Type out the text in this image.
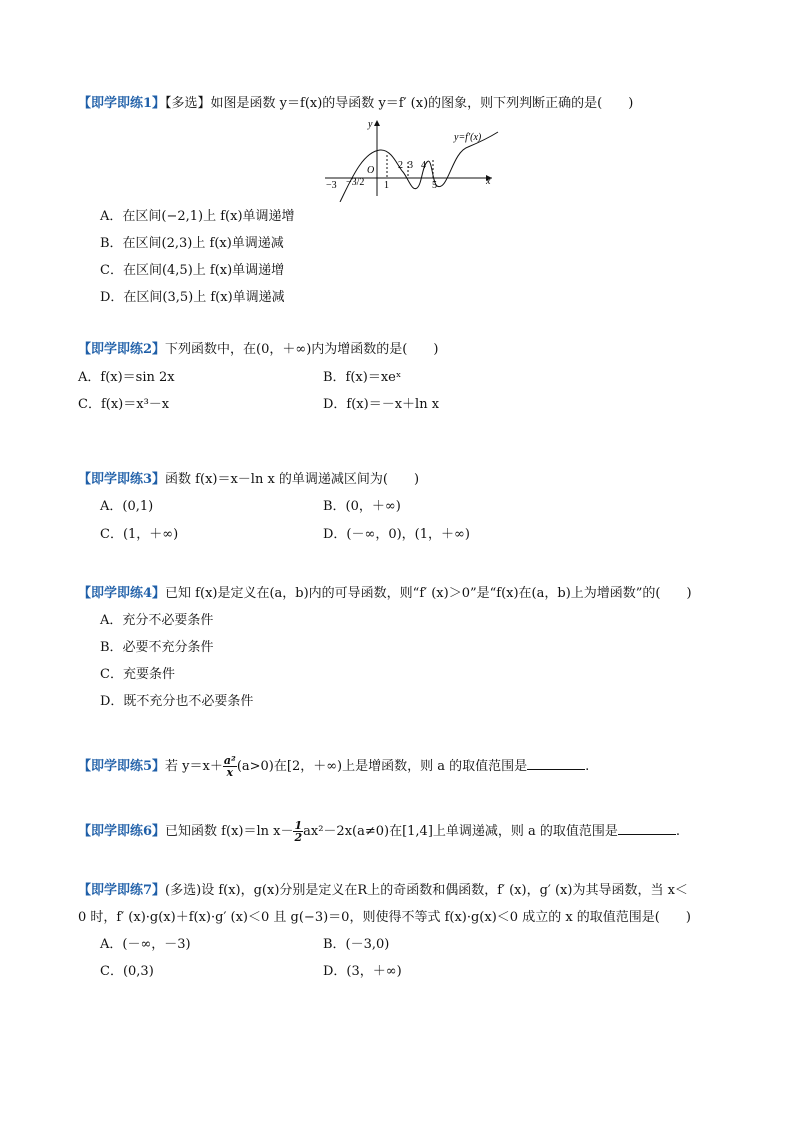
【即学即练1】【多选】如图是函数 y＝f(x)的导函数 y＝f′ (x)的图象，则下列判断正确的是(　　)
y
x
O
y=f′(x)
−3 −3/2 1
2 3 4
5
A．在区间(−2,1)上 f(x)单调递增
B．在区间(2,3)上 f(x)单调递减
C．在区间(4,5)上 f(x)单调递增
D．在区间(3,5)上 f(x)单调递减
【即学即练2】下列函数中，在(0，＋∞)内为增函数的是(　　)
A．f(x)＝sin 2x	B．f(x)＝xeˣ
C．f(x)＝x³－x	D．f(x)＝－x＋ln x
【即学即练3】函数 f(x)＝x－ln x 的单调递减区间为(　　)
A．(0,1)	B．(0，＋∞)
C．(1，＋∞)	D．(－∞，0)，(1，＋∞)
【即学即练4】已知 f(x)是定义在(a，b)内的可导函数，则“f′ (x)＞0”是“f(x)在(a，b)上为增函数”的(　　)
A．充分不必要条件
B．必要不充分条件
C．充要条件
D．既不充分也不必要条件
【即学即练5】若 $y=x+ \frac{\text{a²}}{x} (a>0)$在[2，＋∞)上是增函数，则 a 的取值范围是	.
【即学即练6】已知函数 f(x)＝ln $x- \frac{1}{2} ax^2-2x(a\ne 0)$在[1,4]上单调递减，则 a 的取值范围是	.
【即学即练7】(多选)设 f(x)，g(x)分别是定义在R上的奇函数和偶函数，f′ (x)，g′ (x)为其导函数，当 x＜
0 时，f′ (x)·g(x)＋f(x)·g′ (x)＜0 且 g(−3)＝0，则使得不等式 f(x)·g(x)＜0 成立的 x 的取值范围是(　　)
A．(－∞，－3)	B．(－3,0)
C．(0,3)	D．(3，＋∞)
